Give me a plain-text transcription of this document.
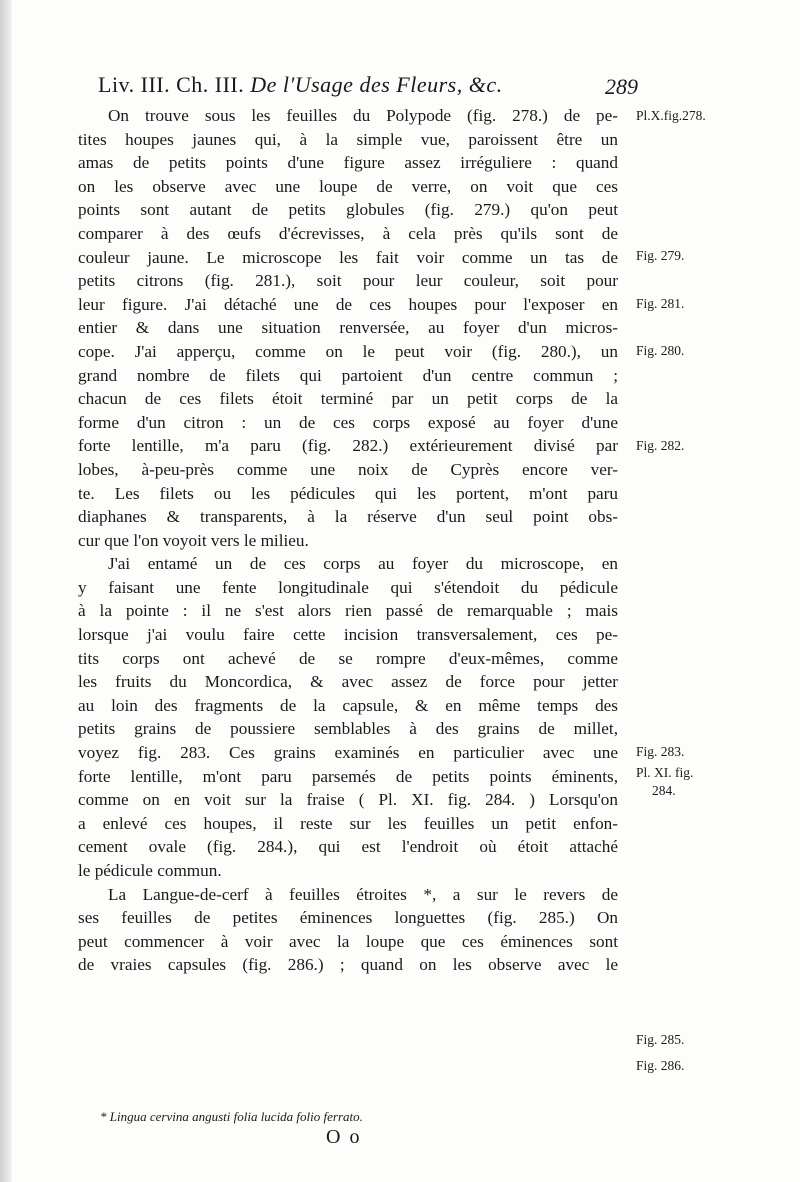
Liv. III. Ch. III. De l'Usage des Fleurs, &c.	289
On trouve sous les feuilles du Polypode (fig. 278.) de pe-
tites houpes jaunes qui, à la simple vue, paroissent être un
amas de petits points d'une figure assez irréguliere : quand
on les observe avec une loupe de verre, on voit que ces
points sont autant de petits globules (fig. 279.) qu'on peut
comparer à des œufs d'écrevisses, à cela près qu'ils sont de
couleur jaune. Le microscope les fait voir comme un tas de
petits citrons (fig. 281.), soit pour leur couleur, soit pour
leur figure. J'ai détaché une de ces houpes pour l'exposer en
entier & dans une situation renversée, au foyer d'un micros-
cope. J'ai apperçu, comme on le peut voir (fig. 280.), un
grand nombre de filets qui partoient d'un centre commun ;
chacun de ces filets étoit terminé par un petit corps de la
forme d'un citron : un de ces corps exposé au foyer d'une
forte lentille, m'a paru (fig. 282.) extérieurement divisé par
lobes, à-peu-près comme une noix de Cyprès encore ver-
te. Les filets ou les pédicules qui les portent, m'ont paru
diaphanes & transparents, à la réserve d'un seul point obs-
cur que l'on voyoit vers le milieu.
J'ai entamé un de ces corps au foyer du microscope, en
y faisant une fente longitudinale qui s'étendoit du pédicule
à la pointe : il ne s'est alors rien passé de remarquable ; mais
lorsque j'ai voulu faire cette incision transversalement, ces pe-
tits corps ont achevé de se rompre d'eux-mêmes, comme
les fruits du Moncordica, & avec assez de force pour jetter
au loin des fragments de la capsule, & en même temps des
petits grains de poussiere semblables à des grains de millet,
voyez fig. 283. Ces grains examinés en particulier avec une
forte lentille, m'ont paru parsemés de petits points éminents,
comme on en voit sur la fraise ( Pl. XI. fig. 284. ) Lorsqu'on
a enlevé ces houpes, il reste sur les feuilles un petit enfon-
cement ovale (fig. 284.), qui est l'endroit où étoit attaché
le pédicule commun.
La Langue-de-cerf à feuilles étroites *, a sur le revers de
ses feuilles de petites éminences longuettes (fig. 285.) On
peut commencer à voir avec la loupe que ces éminences sont
de vraies capsules (fig. 286.) ; quand on les observe avec le
Pl.X.fig.278.
Fig. 279.
Fig. 281.
Fig. 280.
Fig. 282.
Fig. 283.
Pl. XI. fig.
284.
Fig. 285.
Fig. 286.
* Lingua cervina angusti folia lucida folio ferrato.
O o
